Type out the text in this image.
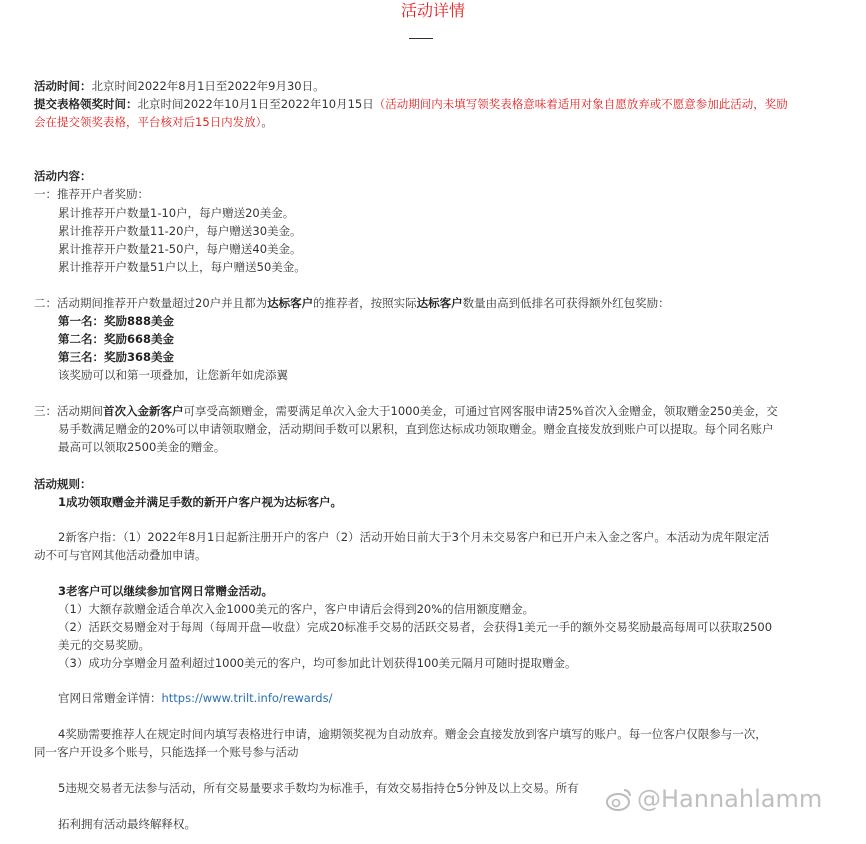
活动详情
活动时间：北京时间2022年8月1日至2022年9月30日。
提交表格领奖时间：北京时间2022年10月1日至2022年10月15日（活动期间内未填写领奖表格意味着适用对象自愿放弃或不愿意参加此活动，奖励
会在提交领奖表格，平台核对后15日内发放）。
活动内容：
一：推荐开户者奖励：
累计推荐开户数量1-10户，每户赠送20美金。
累计推荐开户数量11-20户，每户赠送30美金。
累计推荐开户数量21-50户，每户赠送40美金。
累计推荐开户数量51户以上，每户赠送50美金。
二：活动期间推荐开户数量超过20户并且都为达标客户的推荐者，按照实际达标客户数量由高到低排名可获得额外红包奖励：
第一名：奖励888美金
第二名：奖励668美金
第三名：奖励368美金
该奖励可以和第一项叠加，让您新年如虎添翼
三：活动期间首次入金新客户可享受高额赠金，需要满足单次入金大于1000美金，可通过官网客服申请25%首次入金赠金，领取赠金250美金，交
易手数满足赠金的20%可以申请领取赠金，活动期间手数可以累积，直到您达标成功领取赠金。赠金直接发放到账户可以提取。每个同名账户
最高可以领取2500美金的赠金。
活动规则：
1成功领取赠金并满足手数的新开户客户视为达标客户。
2新客户指：（1）2022年8月1日起新注册开户的客户（2）活动开始日前大于3个月未交易客户和已开户未入金之客户。本活动为虎年限定活
动不可与官网其他活动叠加申请。
3老客户可以继续参加官网日常赠金活动。
（1）大额存款赠金适合单次入金1000美元的客户，客户申请后会得到20%的信用额度赠金。
（2）活跃交易赠金对于每周（每周开盘—收盘）完成20标准手交易的活跃交易者，会获得1美元一手的额外交易奖励最高每周可以获取2500
美元的交易奖励。
（3）成功分享赠金月盈利超过1000美元的客户，均可参加此计划获得100美元隔月可随时提取赠金。
官网日常赠金详情：https://www.trilt.info/rewards/
4奖励需要推荐人在规定时间内填写表格进行申请，逾期领奖视为自动放弃。赠金会直接发放到客户填写的账户。每一位客户仅限参与一次，
同一客户开设多个账号，只能选择一个账号参与活动
5违规交易者无法参与活动，所有交易量要求手数均为标准手，有效交易指持仓5分钟及以上交易。所有
拓利拥有活动最终解释权。
@Hannahlamm
